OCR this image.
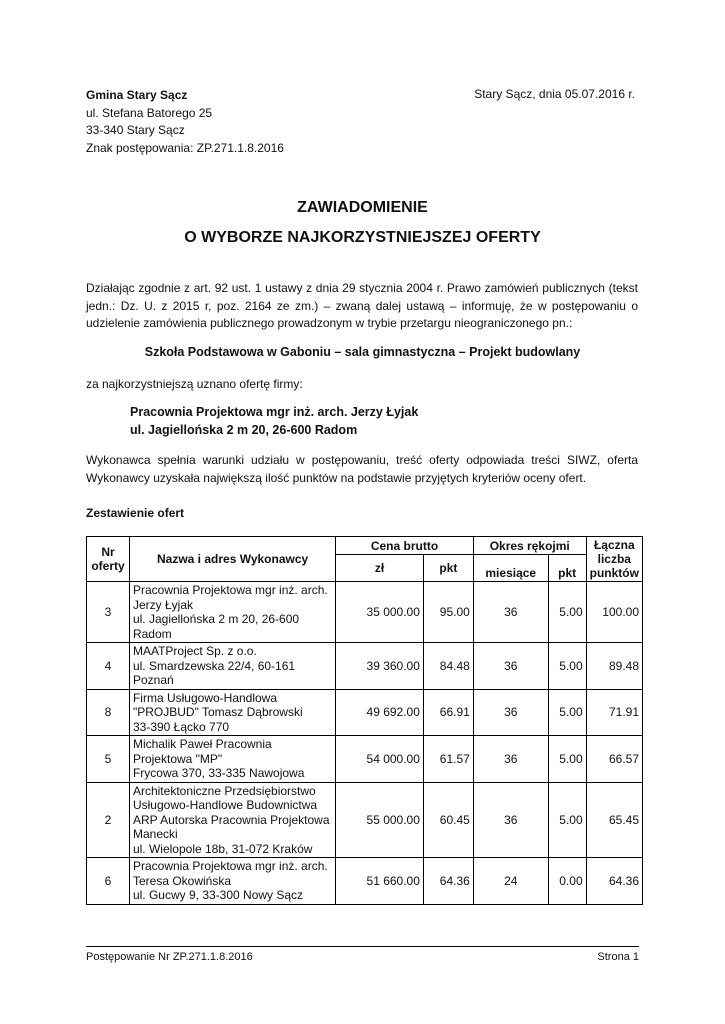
Gmina Stary Sącz
ul. Stefana Batorego 25
33-340 Stary Sącz
Znak postępowania: ZP.271.1.8.2016
Stary Sącz, dnia 05.07.2016 r.
ZAWIADOMIENIE
O WYBORZE NAJKORZYSTNIEJSZEJ OFERTY
Działając zgodnie z art. 92 ust. 1 ustawy z dnia 29 stycznia 2004 r. Prawo zamówień publicznych (tekst jedn.: Dz. U. z 2015 r, poz. 2164 ze zm.) – zwaną dalej ustawą – informuję, że w postępowaniu o udzielenie zamówienia publicznego prowadzonym w trybie przetargu nieograniczonego pn.:
Szkoła Podstawowa w Gaboniu – sala gimnastyczna – Projekt budowlany
za najkorzystniejszą uznano ofertę firmy:
Pracownia Projektowa mgr inż. arch. Jerzy Łyjak
ul. Jagiellońska 2 m 20, 26-600 Radom
Wykonawca spełnia warunki udziału w postępowaniu, treść oferty odpowiada treści SIWZ, oferta Wykonawcy uzyskała największą ilość punktów na podstawie przyjętych kryteriów oceny ofert.
Zestawienie ofert
Nr oferty	Nazwa i adres Wykonawcy	Cena brutto		Okres rękojmi		Łączna liczba punktów
		zł	pkt	miesiące	pkt	
3	Pracownia Projektowa mgr inż. arch.
Jerzy Łyjak
ul. Jagiellońska 2 m 20, 26-600
Radom	35 000.00	95.00	36	5.00	100.00
4	MAATProject Sp. z o.o.
ul. Smardzewska 22/4, 60-161
Poznań	39 360.00	84.48	36	5.00	89.48
8	Firma Usługowo-Handlowa
"PROJBUD" Tomasz Dąbrowski
33-390 Łącko 770	49 692.00	66.91	36	5.00	71.91
5	Michalik Paweł Pracownia
Projektowa "MP"
Frycowa 370, 33-335 Nawojowa	54 000.00	61.57	36	5.00	66.57
2	Architektoniczne Przedsiębiorstwo
Usługowo-Handlowe Budownictwa
ARP Autorska Pracownia Projektowa
Manecki
ul. Wielopole 18b, 31-072 Kraków	55 000.00	60.45	36	5.00	65.45
6	Pracownia Projektowa mgr inż. arch.
Teresa Okowińska
ul. Gucwy 9, 33-300 Nowy Sącz	51 660.00	64.36	24	0.00	64.36
Postępowanie Nr ZP.271.1.8.2016	Strona 1
